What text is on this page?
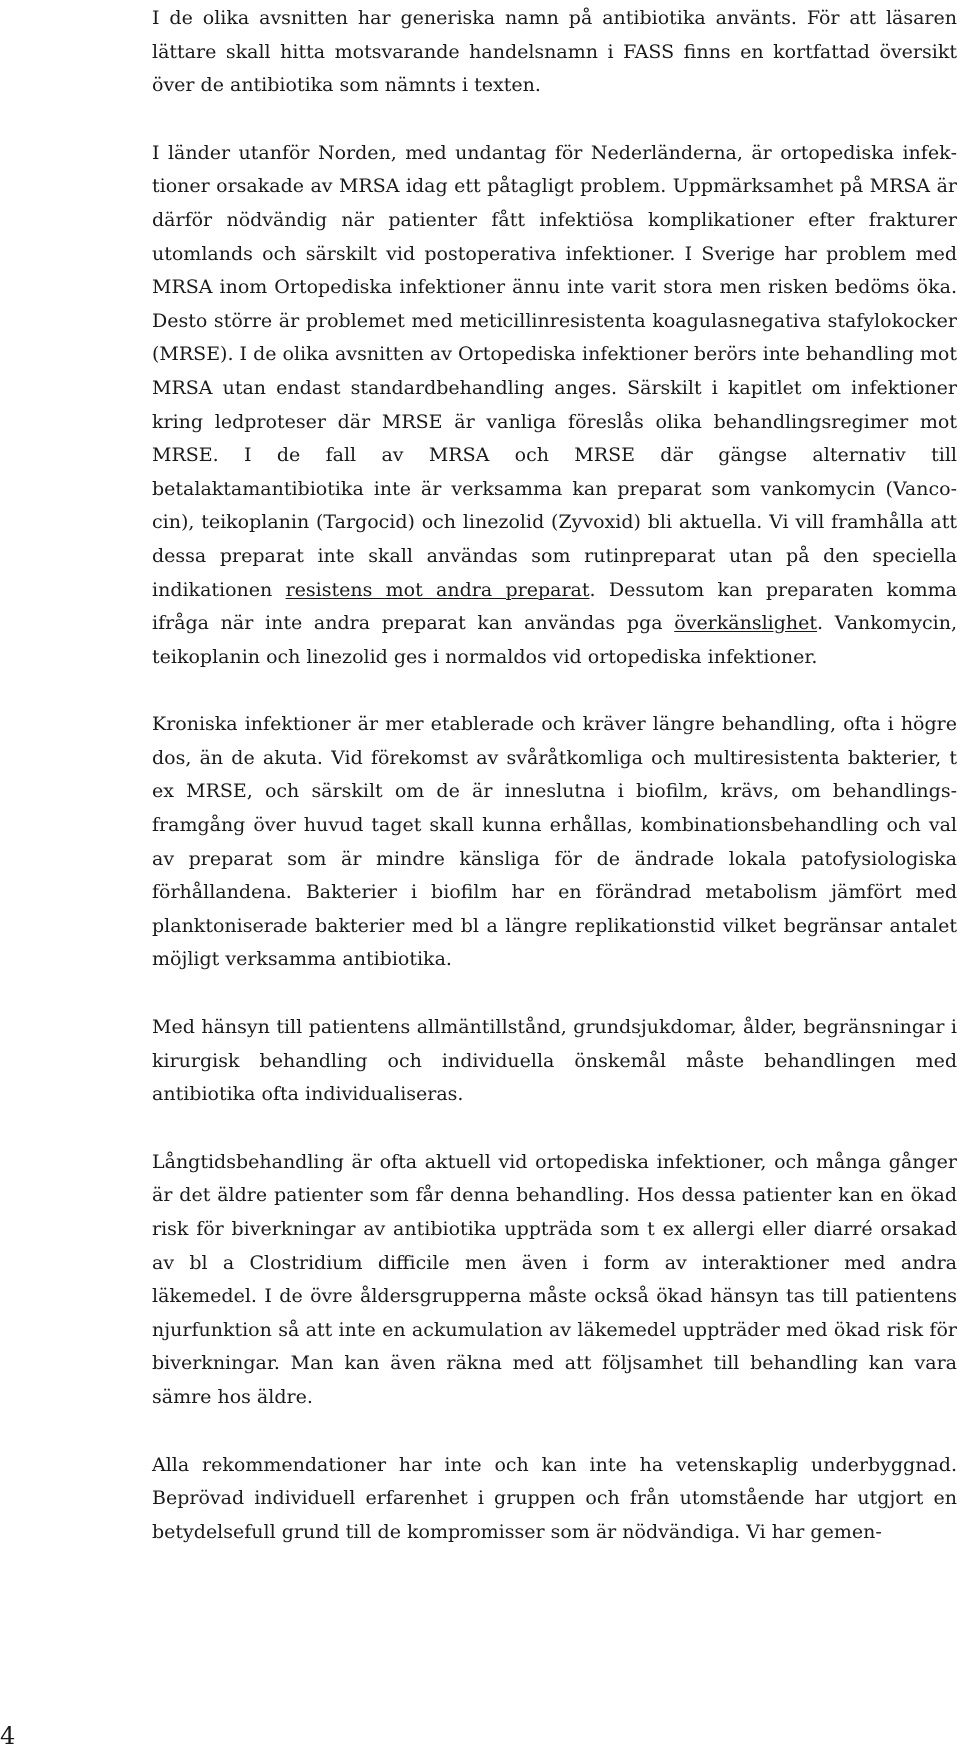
I de olika avsnitten har generiska namn på antibiotika använts. För att läsaren lättare skall hitta motsvarande handelsnamn i FASS finns en kortfattad översikt över de antibiotika som nämnts i texten.

I länder utanför Norden, med undantag för Nederländerna, är ortopediska infektioner orsakade av MRSA idag ett påtagligt problem. Uppmärksamhet på MRSA är därför nödvändig när patienter fått infektiösa komplikationer efter frakturer utomlands och särskilt vid postoperativa infektioner. I Sverige har problem med MRSA inom Ortopediska infektioner ännu inte varit stora men risken bedöms öka. Desto större är problemet med meticillinresistenta koagulasnegativa stafylokocker (MRSE). I de olika avsnitten av Ortopediska infektioner berörs inte behandling mot MRSA utan endast standardbehandling anges. Särskilt i kapitlet om infektioner kring ledproteser där MRSE är vanliga föreslås olika behandlingsregimer mot MRSE. I de fall av MRSA och MRSE där gängse alternativ till betalaktamantibiotika inte är verksamma kan preparat som vankomycin (Vancocin), teikoplanin (Targocid) och linezolid (Zyvoxid) bli aktuella. Vi vill framhålla att dessa preparat inte skall användas som rutinpreparat utan på den speciella indikationen resistens mot andra preparat. Dessutom kan preparaten komma ifråga när inte andra preparat kan användas pga överkänslighet. Vankomycin, teikoplanin och linezolid ges i normaldos vid ortopediska infektioner.

Kroniska infektioner är mer etablerade och kräver längre behandling, ofta i högre dos, än de akuta. Vid förekomst av svåråtkomliga och multiresistenta bakterier, t ex MRSE, och särskilt om de är inneslutna i biofilm, krävs, om behandlingsframgång över huvud taget skall kunna erhållas, kombinationsbehandling och val av preparat som är mindre känsliga för de ändrade lokala patofysiologiska förhållandena. Bakterier i biofilm har en förändrad metabolism jämfört med planktoniserade bakterier med bl a längre replikationstid vilket begränsar antalet möjligt verksamma antibiotika.

Med hänsyn till patientens allmäntillstånd, grundsjukdomar, ålder, begränsningar i kirurgisk behandling och individuella önskemål måste behandlingen med antibiotika ofta individualiseras.

Långtidsbehandling är ofta aktuell vid ortopediska infektioner, och många gånger är det äldre patienter som får denna behandling. Hos dessa patienter kan en ökad risk för biverkningar av antibiotika uppträda som t ex allergi eller diarré orsakad av bl a Clostridium difficile men även i form av interaktioner med andra läkemedel. I de övre åldersgrupperna måste också ökad hänsyn tas till patientens njurfunktion så att inte en ackumulation av läkemedel uppträder med ökad risk för biverkningar. Man kan även räkna med att följsamhet till behandling kan vara sämre hos äldre.

Alla rekommendationer har inte och kan inte ha vetenskaplig underbyggnad. Beprövad individuell erfarenhet i gruppen och från utomstående har utgjort en betydelsefull grund till de kompromisser som är nödvändiga. Vi har gemen-

4
